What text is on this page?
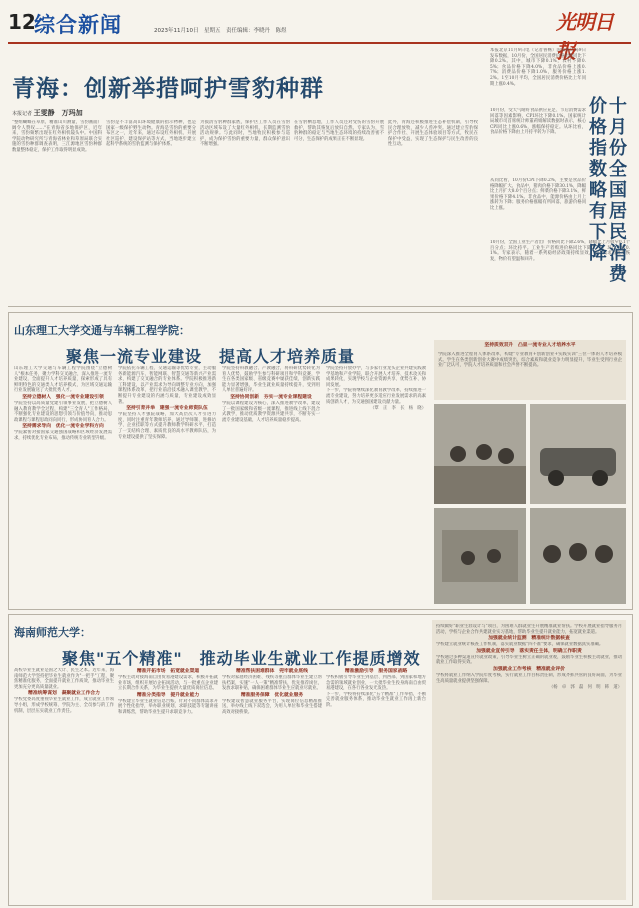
12
综合新闻	2023年11月10日　星期五　责任编辑：李晓丹　陈煜	光明日报
青海：创新举措呵护雪豹种群
本报记者 王雯静　万玛加
"整组蝴蝶在草原，精准山川测量，雪豹画面广阔令人赞叹……"在青海省多地保护区，近年来，雪豹频繁出现在红外相机镜头中。中国科学院动物研究所与青海省林业和草原局联合实施的雪豹种群调查表明，三江源地区雪豹种群数量整体稳定，保护工作取得明显成效。
雪豹是不丰富高山环境健康的指示物种，也是国家一级保护野生动物。青海是雪豹的重要分布区之一，近年来，通过布设红外相机、开展社区巡护、建设保护站等方式，当地逐步建立起科学系统的雪豹监测与保护体系。
为摸清雪豹种群家底，保护区工作人员在雪豹活动区域布设了大量红外相机，长期监测雪豹活动规律。与此同时，当地牧民积极参与巡护，成为保护雪豹的重要力量，群众保护意识不断增强。
在雪豹栖息地，工作人员还对受伤的雪豹开展救护，帮助其恢复后放归自然。专家认为，雪豹种群的稳定与当地生态环境的持续改善密不可分，生态保护的成果正在不断显现。
此外，青海还积极推进生态补偿机制，引导牧民合理放牧，减少人兽冲突。通过建立雪豹保护合作社、开展生态体验项目等方式，牧民在保护中受益，实现了生态保护与民生改善的良性互动。
本报北京11月9日电（记者鲁畅）国家统计局9日发布数据，10月份，全国居民消费价格指数同比下降0.2%。其中，城市下降0.1%，农村下降0.5%；食品价格下降4.0%，非食品价格上涨0.7%；消费品价格下降1.0%，服务价格上涨1.2%。1至10月平均，全国居民消费价格比上年同期上涨0.4%。
10月份，受天气晴好食品供应充足、节后消费需求回落等因素影响，CPI环比下降0.1%。国家统计局城市司首席统计师董莉娟解读数据时表示，核心CPI同比上涨0.6%，涨幅保持稳定。从环比看，食品价格下降由上月持平转为下降。
从同比看，10月份CPI下降0.2%，主要是食品价格降幅扩大。食品中，猪肉价格下降30.1%，降幅比上月扩大8.0个百分点；鲜菜价格下降3.1%，鲜果价格下降4.1%。非食品中，能源价格由上月上涨转为下降；服务价格涨幅有所回落，旅游价格同比上涨。
10月份，全国工业生产者出厂价格同比下降2.6%，降幅比上月收窄0.1个百分点；环比持平。工业生产者购进价格同比下降3.7%，环比上涨0.1%。专家表示，随着一系列稳经济政策持续显效，国内需求将逐步恢复，物价有望温和回升。
价
格
指
数
略
有
下
降
十
月
份
全
国
居
民
消
费
山东理工大学交通与车辆工程学院：
聚焦一流专业建设　提高人才培养质量
山东理工大学交通与车辆工程学院围绕"立德树人"根本任务，聚力学科交叉融合，深入推进一流专业建设，全面提升人才培养质量，探索形成了具有鲜明特色的交通类人才培养模式，为区域交通运输行业发展输送了大批优秀人才。
坚持立德树人　强化一流专业建设引领
学院坚持以高质量党建引领事业发展，把立德树人融入教育教学全过程，构建"三全育人"工作格局，不断强化专业建设的思想引领与价值导向，推动思政课程与课程思政同向同行，形成协同育人合力。
坚持需求导向　优化一流专业学科方向
学院紧密对接国家交通强国战略和区域经济发展需求，持续优化专业布局，推动传统专业转型升级。
学院依托车辆工程、交通运输等优势专业，主动服务新能源汽车、智能网联、智慧交通等新兴产业需求，构建了交叉融合的专业体系。学院积极推进新工科建设，以产业需求为导向调整专业方向，加强课程体系改革，把行业前沿技术融入课堂教学，不断提升专业建设的内涵与质量，专业建设成效显著。
坚持引育并举　建强一流专业师资队伍
学院坚持人才强院战略，加大高层次人才引进力度，同时注重青年教师培养，通过导师制、进修访学、企业挂职等方式提升教师教学科研水平，打造了一支结构合理、素质优良的高水平教师队伍，为专业建设提供了坚实保障。
学院坚持科教融合、产教融合，将科研优势转化为育人优势，鼓励学生参与科研项目和学科竞赛，学生在各类国家级、省级竞赛中屡获佳绩，创新实践能力显著增强，毕业生就业质量持续提升，受到用人单位普遍好评。
坚持协同创新　夯实一流专业课程建设
学院以课程建设为核心，深入推进教学改革，建设了一批国家级和省级一流课程，推进线上线下混合式教学，推动优质教学资源共建共享，不断夯实一流专业建设基础，人才培养质量稳步提高。
学院坚持开放办学，与多家行业龙头企业共建实践教学基地和产业学院，联合开展人才培养、技术攻关和成果转化，实现学校与企业资源共享、优势互补、协同发展。
下一步，学院将继续深化教育教学改革，持续推进一流专业建设，努力培养更多适应行业发展需求的高素质创新人才，为交通强国建设贡献力量。
（覃　正　李　长　杨　晓）
坚持质效双升　凸显一流专业人才培养水平
学院深入推进全程育人体系改革，构建"专业教育+创新创业+实践实训"三位一体的人才培养模式。学生在各类创新创业大赛中成绩突出，综合素质和就业竞争力明显提升，毕业生受到行业企业广泛认可，学院人才培养质量和社会声誉不断提高。
海南师范大学：
聚焦"五个精准"　推动毕业生就业工作提质增效
高校毕业生就业是国之大计、民生之本。近年来，海南师范大学坚持把毕业生就业作为"一把手"工程，聚焦精准化服务，全面提升就业工作质效，推动毕业生更加充分更高质量就业。
精准统筹谋划　凝聚就业工作合力
学校党委高度重视毕业生就业工作，成立就业工作领导小组，形成学校统筹、学院为主、全员参与的工作机制，层层压实就业工作责任。
精准开拓市场　拓宽就业渠道
学校主动对接海南自由贸易港建设需求，积极开拓就业市场，组织开展访企拓岗活动，与一批重点企业建立长期合作关系，为毕业生提供大量优质岗位信息。
精准分类指导　提升就业能力
学校建立毕业生就业信息台账，针对不同群体需求开展个性化指导，举办职业规划、求职技能等专题讲座和训练营，帮助毕业生提升求职竞争力。
精准帮扶困难群体　兜牢就业底线
学校对家庭经济困难、残疾等重点群体毕业生建立帮扶档案，实施"一人一策"精准帮扶，优先推荐岗位，发放求职补贴，确保困难群体毕业生应就业尽就业。
精准服务保障　优化就业服务
学校建设智慧就业服务平台，实现岗位信息精准推送，举办线上线下双选会，为用人单位和毕业生搭建高效对接桥梁。
精准激励引导　服务国家战略
学校积极引导毕业生到基层、到西部、到国家和地方急需的领域就业创业，一大批毕业生投身海南自由贸易港建设，在各行各业发光发热。
下一步，学校将持续深化"五个精准"工作举措，不断完善就业服务体系，推动毕业生就业工作再上新台阶。
持续做好"职业生涯设计与"项目，为困难人群就业生开展精准就业帮扶。学校开展就业指导服务月活动，学校与企业合作共建就业实习基地，帮助毕业生提升就业能力，拓宽就业渠道。
加强就业统计监测　精准统计数据核查
学校建立就业统计核查工作机制，落实就业数据"四不准"要求，确保就业数据真实准确。
加强就业宣传引导　落实责任主体，明确工作职责
学校通过多种渠道宣传就业政策，引导毕业生树立正确的就业观，鼓励毕业生积极主动就业，推动就业工作取得实效。
加强就业工作考核　精准就业评价
学校将就业工作纳入学院年度考核，实行就业工作目标责任制，形成齐抓共管的良好局面，为毕业生高质量就业提供坚强保障。
（杨　卓　郭　磊　何　明　韩　道）
